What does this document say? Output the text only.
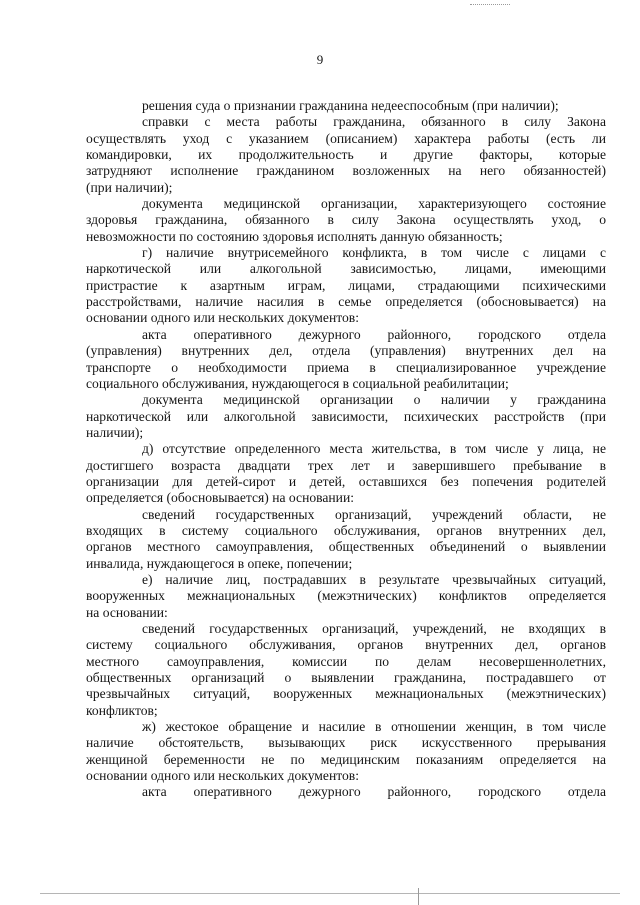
9
решения суда о признании гражданина недееспособным (при наличии);
справки с места работы гражданина, обязанного в силу Закона
осуществлять уход с указанием (описанием) характера работы (есть ли
командировки, их продолжительность и другие факторы, которые
затрудняют исполнение гражданином возложенных на него обязанностей)
(при наличии);
документа медицинской организации, характеризующего состояние
здоровья гражданина, обязанного в силу Закона осуществлять уход, о
невозможности по состоянию здоровья исполнять данную обязанность;
г) наличие внутрисемейного конфликта, в том числе с лицами с
наркотической или алкогольной зависимостью, лицами, имеющими
пристрастие к азартным играм, лицами, страдающими психическими
расстройствами, наличие насилия в семье определяется (обосновывается) на
основании одного или нескольких документов:
акта оперативного дежурного районного, городского отдела
(управления) внутренних дел, отдела (управления) внутренних дел на
транспорте о необходимости приема в специализированное учреждение
социального обслуживания, нуждающегося в социальной реабилитации;
документа медицинской организации о наличии у гражданина
наркотической или алкогольной зависимости, психических расстройств (при
наличии);
д) отсутствие определенного места жительства, в том числе у лица, не
достигшего возраста двадцати трех лет и завершившего пребывание в
организации для детей-сирот и детей, оставшихся без попечения родителей
определяется (обосновывается) на основании:
сведений государственных организаций, учреждений области, не
входящих в систему социального обслуживания, органов внутренних дел,
органов местного самоуправления, общественных объединений о выявлении
инвалида, нуждающегося в опеке, попечении;
е) наличие лиц, пострадавших в результате чрезвычайных ситуаций,
вооруженных межнациональных (межэтнических) конфликтов определяется
на основании:
сведений государственных организаций, учреждений, не входящих в
систему социального обслуживания, органов внутренних дел, органов
местного самоуправления, комиссии по делам несовершеннолетних,
общественных организаций о выявлении гражданина, пострадавшего от
чрезвычайных ситуаций, вооруженных межнациональных (межэтнических)
конфликтов;
ж) жестокое обращение и насилие в отношении женщин, в том числе
наличие обстоятельств, вызывающих риск искусственного прерывания
женщиной беременности не по медицинским показаниям определяется на
основании одного или нескольких документов:
акта оперативного дежурного районного, городского отдела
